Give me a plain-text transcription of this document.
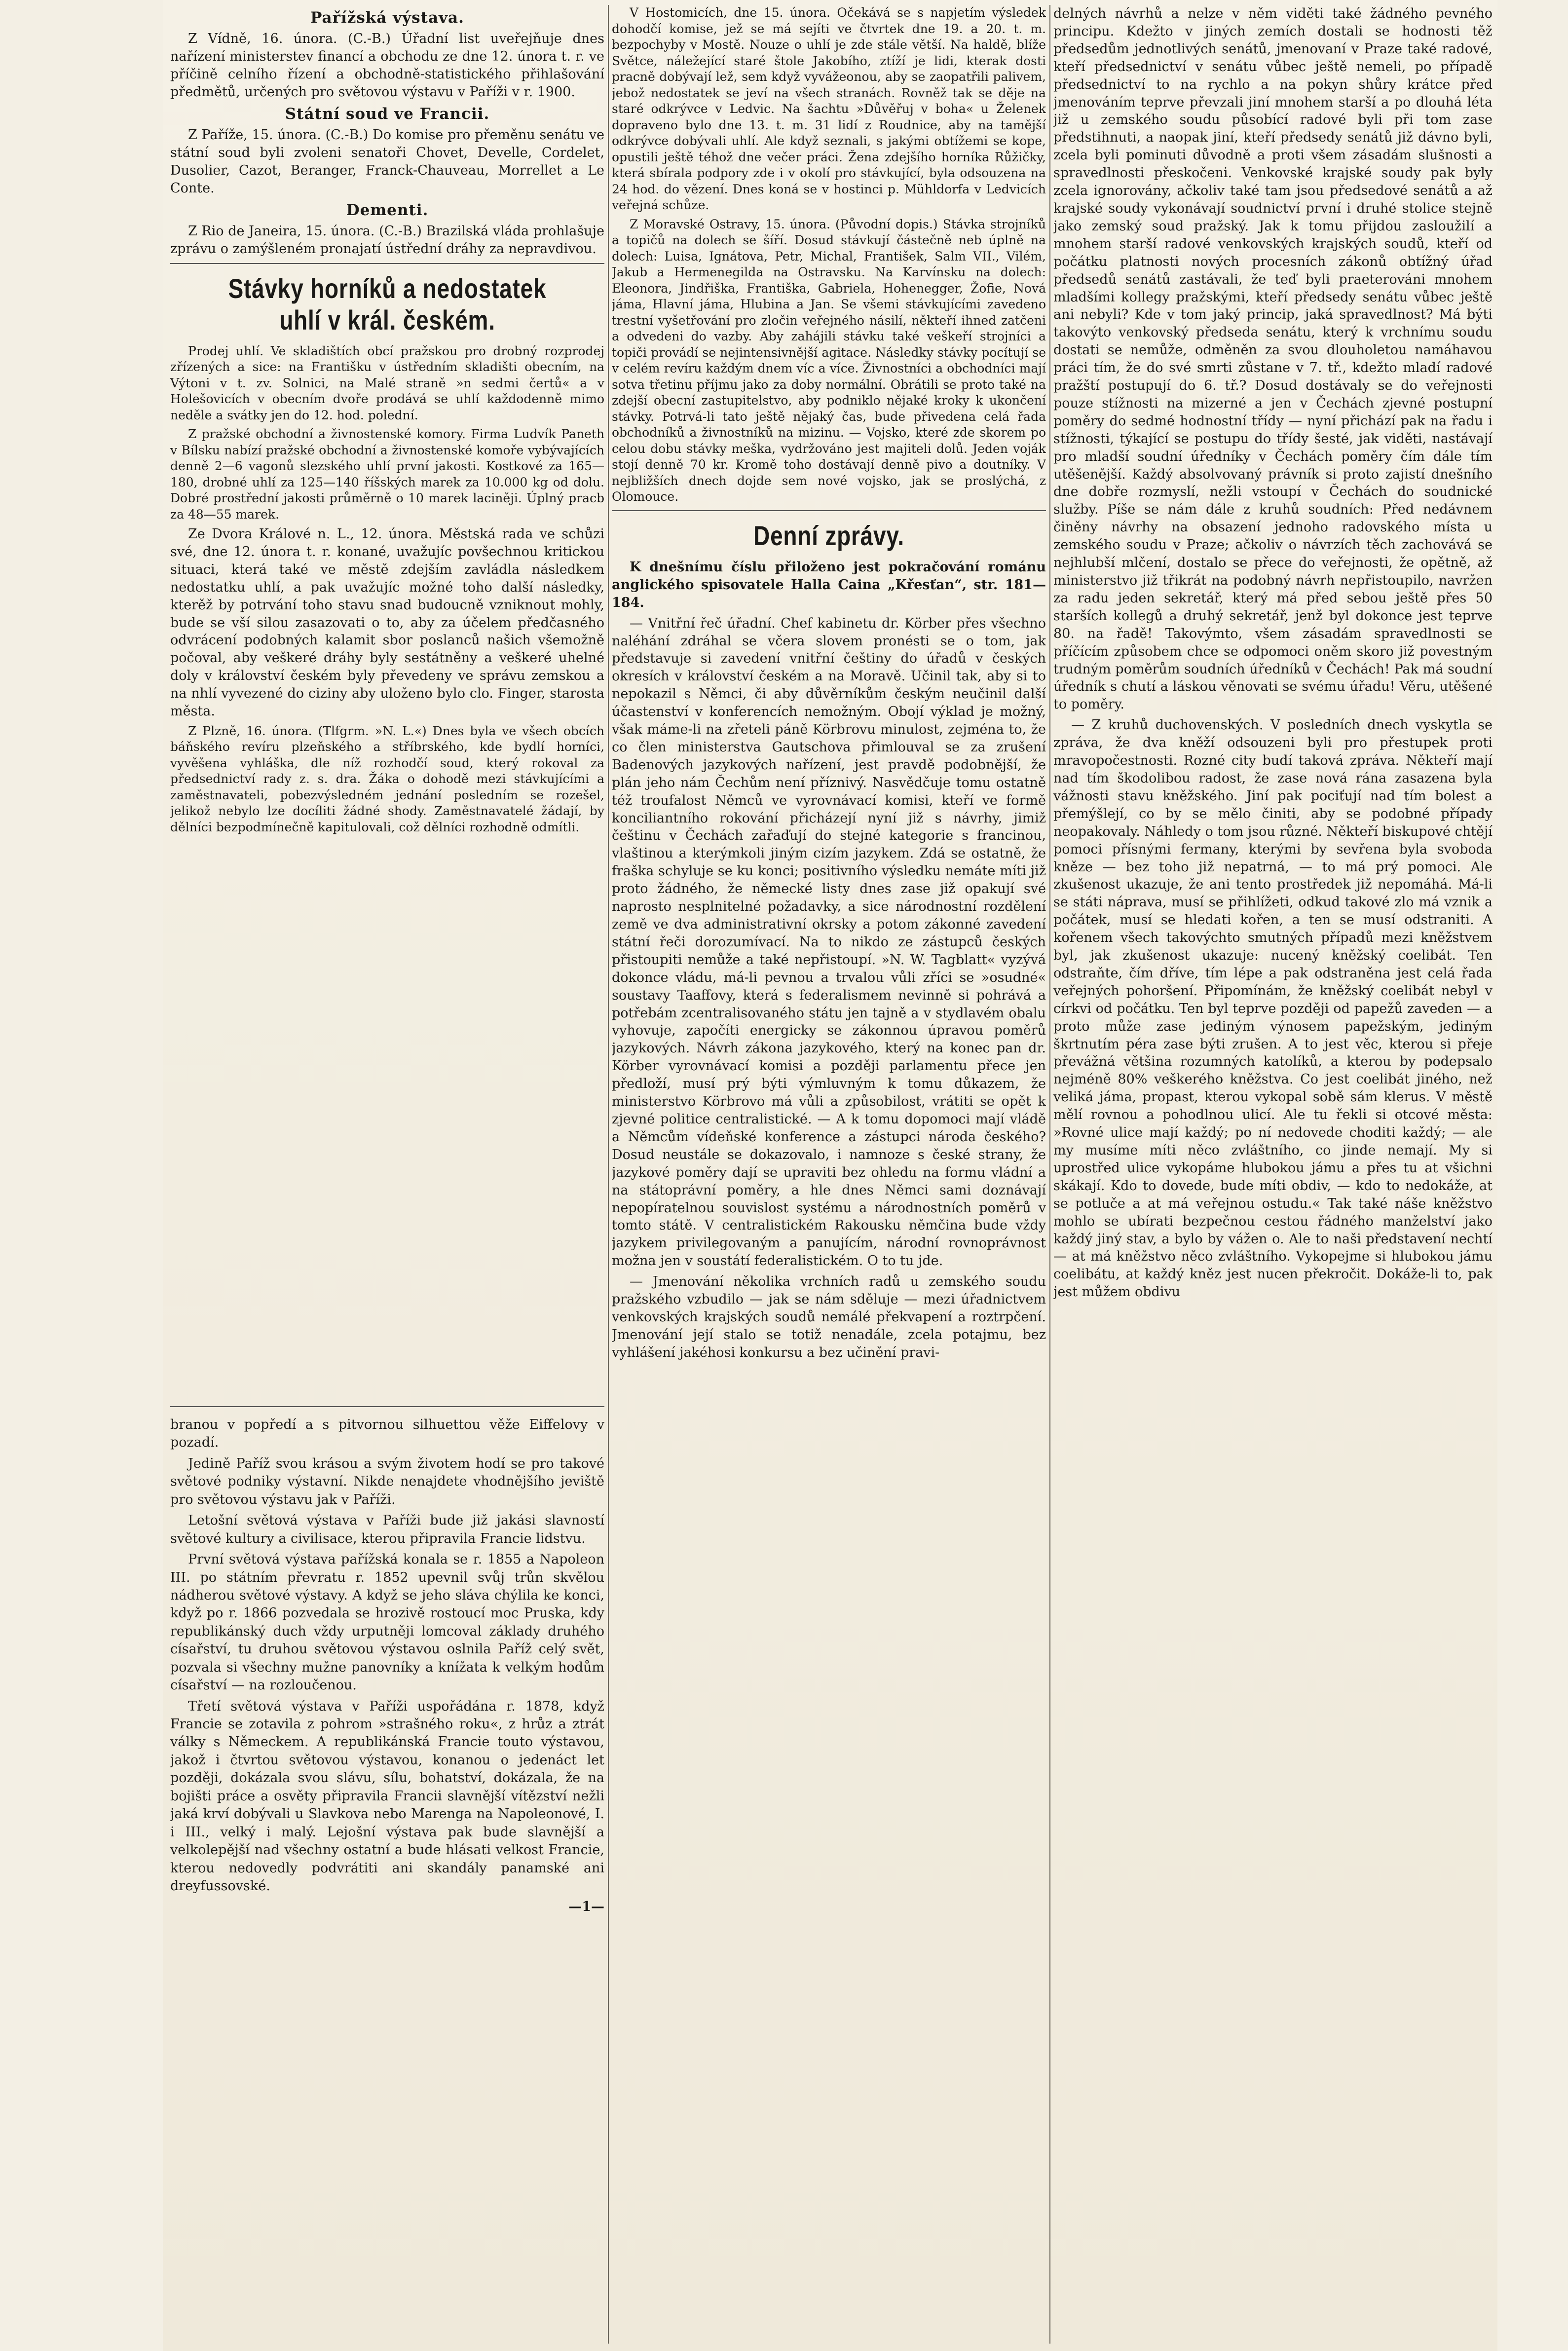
Pařížská výstava.

Z Vídně, 16. února. (C.-B.) Úřadní list uveřejňuje dnes nařízení ministerstev financí a obchodu ze dne 12. února t. r. ve příčině celního řízení a obchodně-statistického přihlašování předmětů, určených pro světovou výstavu v Paříži v r. 1900.

Státní soud ve Francii.

Z Paříže, 15. února. (C.-B.) Do komise pro přeměnu senátu ve státní soud byli zvoleni senatoři Chovet, Develle, Cordelet, Dusolier, Cazot, Beranger, Franck-Chauveau, Morrellet a Le Conte.

Dementi.

Z Rio de Janeira, 15. února. (C.-B.) Brazilská vláda prohlašuje zprávu o zamýšleném pronajatí ústřední dráhy za nepravdivou.

Stávky horníků a nedostatek uhlí v král. českém.

Prodej uhlí. Ve skladištích obcí pražskou pro drobný rozprodej zřízených a sice: na Františku v ústředním skladišti obecním, na Výtoni v t. zv. Solnici, na Malé straně »n sedmi čertů« a v Holešovicích v obecním dvoře prodává se uhlí každodenně mimo neděle a svátky jen do 12. hod. polední.

Z pražské obchodní a živnostenské komory. Firma Ludvík Paneth v Bílsku nabízí pražské obchodní a živnostenské komoře vybývajících denně 2—6 vagonů slezského uhlí první jakosti. Kostkové za 165—180, drobné uhlí za 125—140 říšských marek za 10.000 kg od dolu. Dobré prostřední jakosti průměrně o 10 marek laciněji. Úplný pracb za 48—55 marek.

Ze Dvora Králové n. L., 12. února. Městská rada ve schůzi své, dne 12. února t. r. konané, uvažujíc povšechnou kritickou situaci, která také ve městě zdejším zavládla následkem nedostatku uhlí, a pak uvažujíc možné toho další následky, kterěž by potrvání toho stavu snad budoucně vzniknout mohly, bude se vší silou zasazovati o to, aby za účelem předčasného odvrácení podobných kalamit sbor poslanců našich všemožně počoval, aby veškeré dráhy byly sestátněny a veškeré uhelné doly v království českém byly převedeny ve správu zemskou a na nhlí vyvezené do ciziny aby uloženo bylo clo. Finger, starosta města.

Z Plzně, 16. února. (Tlfgrm. »N. L.«) Dnes byla ve všech obcích báňského revíru plzeňského a stříbrského, kde bydlí horníci, vyvěšena vyhláška, dle níž rozhodčí soud, který rokoval za předsednictví rady z. s. dra. Žáka o dohodě mezi stávkujícími a zaměstnavateli, pobezvýsledném jednání posledním se rozešel, jelikož nebylo lze docíliti žádné shody. Zaměstnavatelé žádají, by dělníci bezpodmínečně kapitulovali, což dělníci rozhodně odmítli.

branou v popředí a s pitvornou silhuettou věže Eiffelovy v pozadí.

Jedině Paříž svou krásou a svým životem hodí se pro takové světové podniky výstavní. Nikde nenajdete vhodnějšího jeviště pro světovou výstavu jak v Paříži.

Letošní světová výstava v Paříži bude již jakási slavností světové kultury a civilisace, kterou připravila Francie lidstvu.

První světová výstava pařížská konala se r. 1855 a Napoleon III. po státním převratu r. 1852 upevnil svůj trůn skvělou nádherou světové výstavy. A když se jeho sláva chýlila ke konci, když po r. 1866 pozvedala se hrozivě rostoucí moc Pruska, kdy republikánský duch vždy urputněji lomcoval základy druhého císařství, tu druhou světovou výstavou oslnila Paříž celý svět, pozvala si všechny mužne panovníky a knížata k velkým hodům císařství — na rozloučenou.

Třetí světová výstava v Paříži uspořádána r. 1878, když Francie se zotavila z pohrom »strašného roku«, z hrůz a ztrát války s Německem. A republikánská Francie touto výstavou, jakož i čtvrtou světovou výstavou, konanou o jedenáct let později, dokázala svou slávu, sílu, bohatství, dokázala, že na bojišti práce a osvěty připravila Francii slavnější vítězství nežli jaká krví dobývali u Slavkova nebo Marenga na Napoleonové, I. i III., velký i malý. Lejošní výstava pak bude slavnější a velkolepější nad všechny ostatní a bude hlásati velkost Francie, kterou nedovedly podvrátiti ani skandály panamské ani dreyfussovské.

—1—

V Hostomicích, dne 15. února. Očekává se s napjetím výsledek dohodčí komise, jež se má sejíti ve čtvrtek dne 19. a 20. t. m. bezpochyby v Mostě. Nouze o uhlí je zde stále větší. Na haldě, blíže Světce, náležející staré štole Jakobího, ztíží je lidi, kterak dosti pracně dobývají lež, sem když vyvážeonou, aby se zaopatřili palivem, jebož nedostatek se jeví na všech stranách. Rovněž tak se děje na staré odkrývce v Ledvic. Na šachtu »Důvěřuj v boha« u Želenek dopraveno bylo dne 13. t. m. 31 lidí z Roudnice, aby na tamější odkrývce dobývali uhlí. Ale když seznali, s jakými obtížemi se kope, opustili ještě téhož dne večer práci. Žena zdejšího horníka Růžičky, která sbírala podpory zde i v okolí pro stávkující, byla odsouzena na 24 hod. do vězení. Dnes koná se v hostinci p. Mühldorfa v Ledvicích veřejná schůze.

Z Moravské Ostravy, 15. února. (Původní dopis.) Stávka strojníků a topičů na dolech se šíří. Dosud stávkují částečně neb úplně na dolech: Luisa, Ignátova, Petr, Michal, František, Salm VII., Vilém, Jakub a Hermenegilda na Ostravsku. Na Karvínsku na dolech: Eleonora, Jindřiška, Františka, Gabriela, Hohenegger, Žofie, Nová jáma, Hlavní jáma, Hlubina a Jan. Se všemi stávkujícími zavedeno trestní vyšetřování pro zločin veřejného násilí, někteří ihned zatčeni a odvedeni do vazby. Aby zahájili stávku také veškeří strojníci a topiči provádí se nejintensivnější agitace. Následky stávky pocítují se v celém revíru každým dnem víc a více. Živnostníci a obchodníci mají sotva třetinu příjmu jako za doby normální. Obrátili se proto také na zdejší obecní zastupitelstvo, aby podniklo nějaké kroky k ukončení stávky. Potrvá-li tato ještě nějaký čas, bude přivedena celá řada obchodníků a živnostníků na mizinu. — Vojsko, které zde skorem po celou dobu stávky meška, vydržováno jest majiteli dolů. Jeden voják stojí denně 70 kr. Kromě toho dostávají denně pivo a doutníky. V nejbližších dnech dojde sem nové vojsko, jak se proslýchá, z Olomouce.

Denní zprávy.

K dnešnímu číslu přiloženo jest pokračování románu anglického spisovatele Halla Caina „Křesťan“, str. 181—184.

— Vnitřní řeč úřadní. Chef kabinetu dr. Körber přes všechno naléhání zdráhal se včera slovem pronésti se o tom, jak představuje si zavedení vnitřní češtiny do úřadů v českých okresích v království českém a na Moravě. Učinil tak, aby si to nepokazil s Němci, či aby důvěrníkům českým neučinil další účastenství v konferencích nemožným. Obojí výklad je možný, však máme-li na zřeteli páně Körbrovu minulost, zejména to, že co člen ministerstva Gautschova přimlouval se za zrušení Badenových jazykových nařízení, jest pravdě podobnější, že plán jeho nám Čechům není příznivý. Nasvědčuje tomu ostatně též troufalost Němců ve vyrovnávací komisi, kteří ve formě konciliantního rokování přicházejí nyní již s návrhy, jimiž češtinu v Čechách zařaďují do stejné kategorie s francinou, vlaštinou a kterýmkoli jiným cizím jazykem. Zdá se ostatně, že fraška schyluje se ku konci; positivního výsledku nemáte míti již proto žádného, že německé listy dnes zase již opakují své naprosto nesplnitelné požadavky, a sice národnostní rozdělení země ve dva administrativní okrsky a potom zákonné zavedení státní řeči dorozumívací. Na to nikdo ze zástupců českých přistoupiti nemůže a také nepřistoupí. »N. W. Tagblatt« vyzývá dokonce vládu, má-li pevnou a trvalou vůli zříci se »osudné« soustavy Taaffovy, která s federalismem nevinně si pohrává a potřebám zcentralisovaného státu jen tajně a v stydlavém obalu vyhovuje, započíti energicky se zákonnou úpravou poměrů jazykových. Návrh zákona jazykového, který na konec pan dr. Körber vyrovnávací komisi a později parlamentu přece jen předloží, musí prý býti výmluvným k tomu důkazem, že ministerstvo Körbrovo má vůli a způsobilost, vrátiti se opět k zjevné politice centralistické. — A k tomu dopomoci mají vládě a Němcům vídeňské konference a zástupci národa českého? Dosud neustále se dokazovalo, i namnoze s české strany, že jazykové poměry dají se upraviti bez ohledu na formu vládní a na státoprávní poměry, a hle dnes Němci sami doznávají nepopíratelnou souvislost systému a národnostních poměrů v tomto státě. V centralistickém Rakousku němčina bude vždy jazykem privilegovaným a panujícím, národní rovnoprávnost možna jen v soustátí federalistickém. O to tu jde.

— Jmenování několika vrchních radů u zemského soudu pražského vzbudilo — jak se nám sděluje — mezi úřadnictvem venkovských krajských soudů nemálé překvapení a roztrpčení. Jmenování její stalo se totiž nenadále, zcela potajmu, bez vyhlášení jakéhosi konkursu a bez učinění pravi-

delných návrhů a nelze v něm viděti také žádného pevného principu. Kdežto v jiných zemích dostali se hodnosti těž předsedům jednotlivých senátů, jmenovaní v Praze také radové, kteří předsednictví v senátu vůbec ještě nemeli, po případě předsednictví to na rychlo a na pokyn shůry krátce před jmenováním teprve převzali jiní mnohem starší a po dlouhá léta již u zemského soudu působící radové byli při tom zase předstihnuti, a naopak jiní, kteří předsedy senátů již dávno byli, zcela byli pominuti důvodně a proti všem zásadám slušnosti a spravedlnosti přeskočeni. Venkovské krajské soudy pak byly zcela ignorovány, ačkoliv také tam jsou předsedové senátů a až krajské soudy vykonávají soudnictví první i druhé stolice stejně jako zemský soud pražský. Jak k tomu přijdou zasloužilí a mnohem starší radové venkovských krajských soudů, kteří od počátku platnosti nových procesních zákonů obtížný úřad předsedů senátů zastávali, že teď byli praeterováni mnohem mladšími kollegy pražskými, kteří předsedy senátu vůbec ještě ani nebyli? Kde v tom jaký princip, jaká spravedlnost? Má býti takovýto venkovský předseda senátu, který k vrchnímu soudu dostati se nemůže, odměněn za svou dlouholetou namáhavou práci tím, že do své smrti zůstane v 7. tř., kdežto mladí radové pražští postupují do 6. tř.? Dosud dostávaly se do veřejnosti pouze stížnosti na mizerné a jen v Čechách zjevné postupní poměry do sedmé hodnostní třídy — nyní přichází pak na řadu i stížnosti, týkající se postupu do třídy šesté, jak viděti, nastávají pro mladší soudní úředníky v Čechách poměry čím dále tím utěšenější. Každý absolvovaný právník si proto zajistí dnešního dne dobře rozmyslí, nežli vstoupí v Čechách do soudnické služby. Píše se nám dále z kruhů soudních: Před nedávnem činěny návrhy na obsazení jednoho radovského místa u zemského soudu v Praze; ačkoliv o návrzích těch zachovává se nejhlubší mlčení, dostalo se přece do veřejnosti, že opětně, až ministerstvo již třikrát na podobný návrh nepřistoupilo, navržen za radu jeden sekretář, který má před sebou ještě přes 50 starších kollegů a druhý sekretář, jenž byl dokonce jest teprve 80. na řadě! Takovýmto, všem zásadám spravedlnosti se příčícím způsobem chce se odpomoci oněm skoro již povestným trudným poměrům soudních úředníků v Čechách! Pak má soudní úředník s chutí a láskou věnovati se svému úřadu! Věru, utěšené to poměry.

— Z kruhů duchovenských. V posledních dnech vyskytla se zpráva, že dva kněží odsouzeni byli pro přestupek proti mravopočestnosti. Rozné city budí taková zpráva. Někteří mají nad tím škodolibou radost, že zase nová rána zasazena byla vážnosti stavu kněžského. Jiní pak pociťují nad tím bolest a přemýšlejí, co by se mělo činiti, aby se podobné případy neopakovaly. Náhledy o tom jsou různé. Někteří biskupové chtějí pomoci přísnými fermany, kterými by sevřena byla svoboda kněze — bez toho již nepatrná, — to má prý pomoci. Ale zkušenost ukazuje, že ani tento prostředek již nepomáhá. Má-li se státi náprava, musí se přihlížeti, odkud takové zlo má vznik a počátek, musí se hledati kořen, a ten se musí odstraniti. A kořenem všech takovýchto smutných případů mezi kněžstvem byl, jak zkušenost ukazuje: nucený kněžský coelibát. Ten odstraňte, čím dříve, tím lépe a pak odstraněna jest celá řada veřejných pohoršení. Připomínám, že kněžský coelibát nebyl v církvi od počátku. Ten byl teprve později od papežů zaveden — a proto může zase jediným výnosem papežským, jediným škrtnutím péra zase býti zrušen. A to jest věc, kterou si přeje převážná většina rozumných katolíků, a kterou by podepsalo nejméně 80% veškerého kněžstva. Co jest coelibát jiného, než veliká jáma, propast, kterou vykopal sobě sám klerus. V městě mělí rovnou a pohodlnou ulicí. Ale tu řekli si otcové města: »Rovné ulice mají každý; po ní nedovede choditi každý; — ale my musíme míti něco zvláštního, co jinde nemají. My si uprostřed ulice vykopáme hlubokou jámu a přes tu at všichni skákají. Kdo to dovede, bude míti obdiv, — kdo to nedokáže, at se potluče a at má veřejnou ostudu.« Tak také náše kněžstvo mohlo se ubírati bezpečnou cestou řádného manželství jako každý jiný stav, a bylo by vážen o. Ale to naši představení nechtí — at má kněžstvo něco zvláštního. Vykopejme si hlubokou jámu coelibátu, at každý kněz jest nucen překročit. Dokáže-li to, pak jest můžem obdivu
